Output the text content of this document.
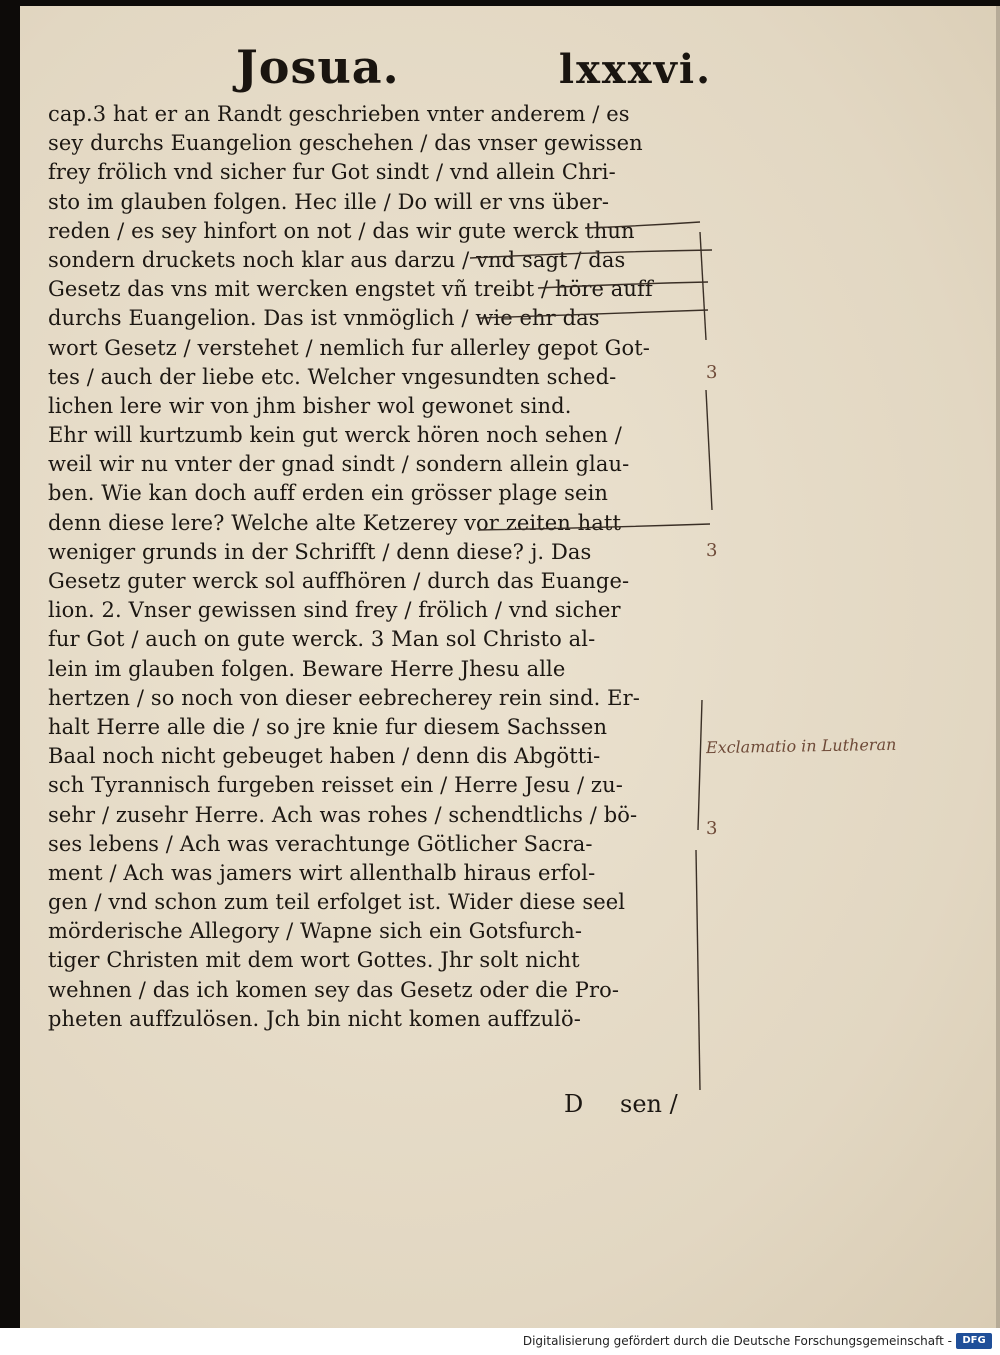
Josua.	lxxxvi.
cap.3 hat er an Randt geschrieben vnter anderem / es
sey durchs Euangelion geschehen / das vnser gewissen
frey frölich vnd sicher fur Got sindt / vnd allein Chri-
sto im glauben folgen. Hec ille / Do will er vns über-
reden / es sey hinfort on not / das wir gute werck thun
sondern druckets noch klar aus darzu / vnd sagt / das
Gesetz das vns mit wercken engstet vñ treibt / höre auff
durchs Euangelion. Das ist vnmöglich / wie ehr das
wort Gesetz / verstehet / nemlich fur allerley gepot Got-
tes / auch der liebe etc. Welcher vngesundten sched-
lichen lere wir von jhm bisher wol gewonet sind.
Ehr will kurtzumb kein gut werck hören noch sehen /
weil wir nu vnter der gnad sindt / sondern allein glau-
ben. Wie kan doch auff erden ein grösser plage sein
denn diese lere? Welche alte Ketzerey vor zeiten hatt
weniger grunds in der Schrifft / denn diese? j. Das
Gesetz guter werck sol auffhören / durch das Euange-
lion. 2. Vnser gewissen sind frey / frölich / vnd sicher
fur Got / auch on gute werck. 3 Man sol Christo al-
lein im glauben folgen. Beware Herre Jhesu alle
hertzen / so noch von dieser eebrecherey rein sind. Er-
halt Herre alle die / so jre knie fur diesem Sachssen
Baal noch nicht gebeuget haben / denn dis Abgötti-
sch Tyrannisch furgeben reisset ein / Herre Jesu / zu-
sehr / zusehr Herre. Ach was rohes / schendtlichs / bö-
ses lebens / Ach was verachtunge Götlicher Sacra-
ment / Ach was jamers wirt allenthalb hiraus erfol-
gen / vnd schon zum teil erfolget ist. Wider diese seel
mörderische Allegory / Wapne sich ein Gotsfurch-
tiger Christen mit dem wort Gottes. Jhr solt nicht
wehnen / das ich komen sey das Gesetz oder die Pro-
pheten auffzulösen. Jch bin nicht komen auffzulö-
D sen /
3
3
3
Exclamatio in Lutheran
Digitalisierung gefördert durch die Deutsche Forschungsgemeinschaft -	DFG
